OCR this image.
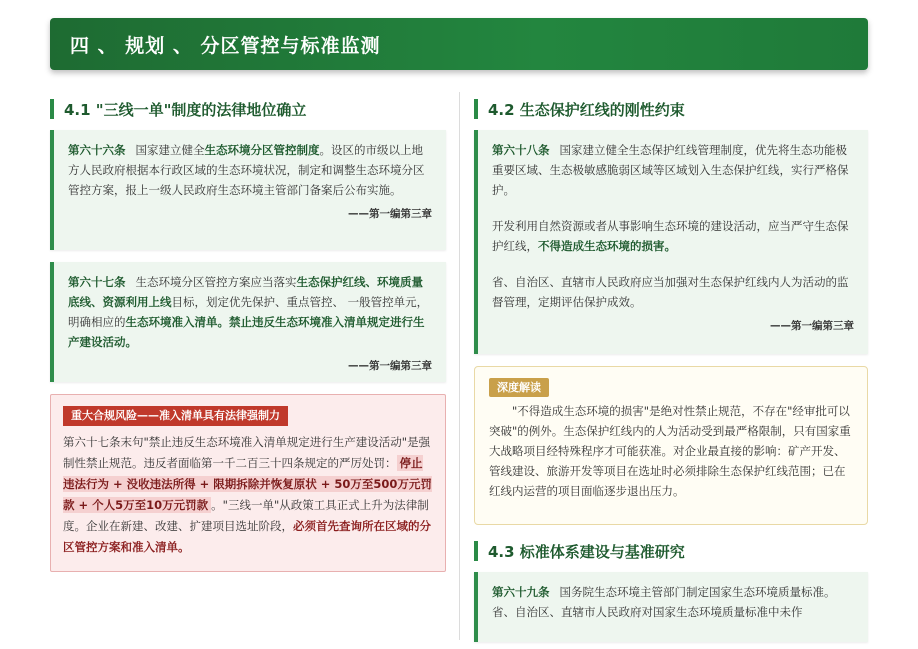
四 、 规划 、 分区管控与标准监测
4.1 "三线一单"制度的法律地位确立

第六十六条 国家建立健全生态环境分区管控制度。设区的市级以上地方人民政府根据本行政区域的生态环境状况，制定和调整生态环境分区管控方案，报上一级人民政府生态环境主管部门备案后公布实施。

——第一编第三章

第六十七条 生态环境分区管控方案应当落实生态保护红线、环境质量底线、资源利用上线目标，划定优先保护、重点管控、 一般管控单元，明确相应的生态环境准入清单。禁止违反生态环境准入清单规定进行生产建设活动。

——第一编第三章
重大合规风险——准入清单具有法律强制力
第六十七条末句"禁止违反生态环境准入清单规定进行生产建设活动"是强制性禁止规范。违反者面临第一千二百三十四条规定的严厉处罚： 停止违法行为 + 没收违法所得 + 限期拆除并恢复原状 + 50万至500万元罚款 + 个人5万至10万元罚款 。"三线一单"从政策工具正式上升为法律制度。企业在新建、改建、扩建项目选址阶段，必须首先查询所在区域的分区管控方案和准入清单。
4.2 生态保护红线的刚性约束

第六十八条 国家建立健全生态保护红线管理制度，优先将生态功能极重要区域、生态极敏感脆弱区域等区域划入生态保护红线，实行严格保护。

开发利用自然资源或者从事影响生态环境的建设活动，应当严守生态保护红线，不得造成生态环境的损害。

省、自治区、直辖市人民政府应当加强对生态保护红线内人为活动的监督管理，定期评估保护成效。

——第一编第三章
深度解读
"不得造成生态环境的损害"是绝对性禁止规范，不存在"经审批可以突破"的例外。生态保护红线内的人为活动受到最严格限制，只有国家重大战略项目经特殊程序才可能获准。对企业最直接的影响：矿产开发、管线建设、旅游开发等项目在选址时必须排除生态保护红线范围；已在红线内运营的项目面临逐步退出压力。
4.3 标准体系建设与基准研究

第六十九条 国务院生态环境主管部门制定国家生态环境质量标准。省、自治区、直辖市人民政府对国家生态环境质量标准中未作
